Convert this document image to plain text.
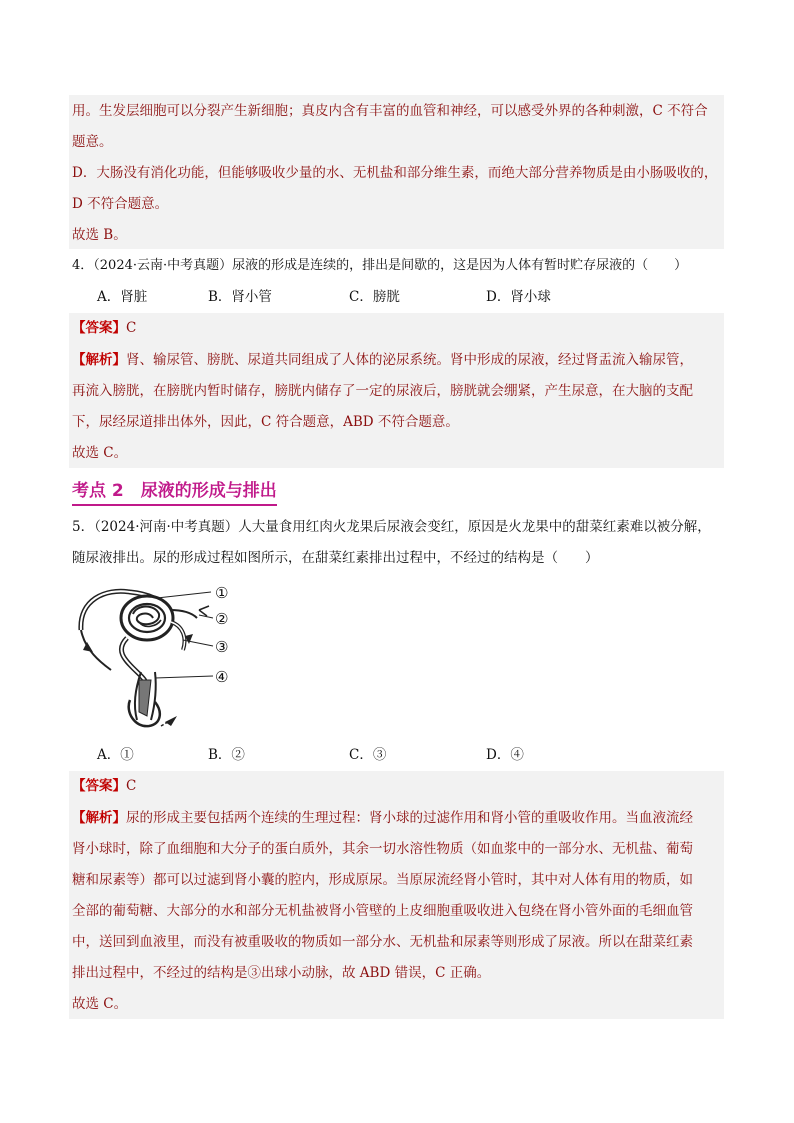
用。生发层细胞可以分裂产生新细胞；真皮内含有丰富的血管和神经，可以感受外界的各种刺激，C 不符合
题意。
D．大肠没有消化功能，但能够吸收少量的水、无机盐和部分维生素，而绝大部分营养物质是由小肠吸收的，
D 不符合题意。
故选 B。
4．（2024·云南·中考真题）尿液的形成是连续的，排出是间歇的，这是因为人体有暂时贮存尿液的（　　）
A．肾脏	B．肾小管	C．膀胱	D．肾小球
【答案】C
【解析】肾、输尿管、膀胱、尿道共同组成了人体的泌尿系统。肾中形成的尿液，经过肾盂流入输尿管，
再流入膀胱，在膀胱内暂时储存，膀胱内储存了一定的尿液后，膀胱就会绷紧，产生尿意，在大脑的支配
下，尿经尿道排出体外，因此，C 符合题意，ABD 不符合题意。
故选 C。
考点 2　尿液的形成与排出
5．（2024·河南·中考真题）人大量食用红肉火龙果后尿液会变红，原因是火龙果中的甜菜红素难以被分解，
随尿液排出。尿的形成过程如图所示，在甜菜红素排出过程中，不经过的结构是（　　）
①
②
③
④
A．①	B．②	C．③	D．④
【答案】C
【解析】尿的形成主要包括两个连续的生理过程：肾小球的过滤作用和肾小管的重吸收作用。当血液流经
肾小球时，除了血细胞和大分子的蛋白质外，其余一切水溶性物质（如血浆中的一部分水、无机盐、葡萄
糖和尿素等）都可以过滤到肾小囊的腔内，形成原尿。当原尿流经肾小管时，其中对人体有用的物质，如
全部的葡萄糖、大部分的水和部分无机盐被肾小管壁的上皮细胞重吸收进入包绕在肾小管外面的毛细血管
中，送回到血液里，而没有被重吸收的物质如一部分水、无机盐和尿素等则形成了尿液。所以在甜菜红素
排出过程中，不经过的结构是③出球小动脉，故 ABD 错误，C 正确。
故选 C。
